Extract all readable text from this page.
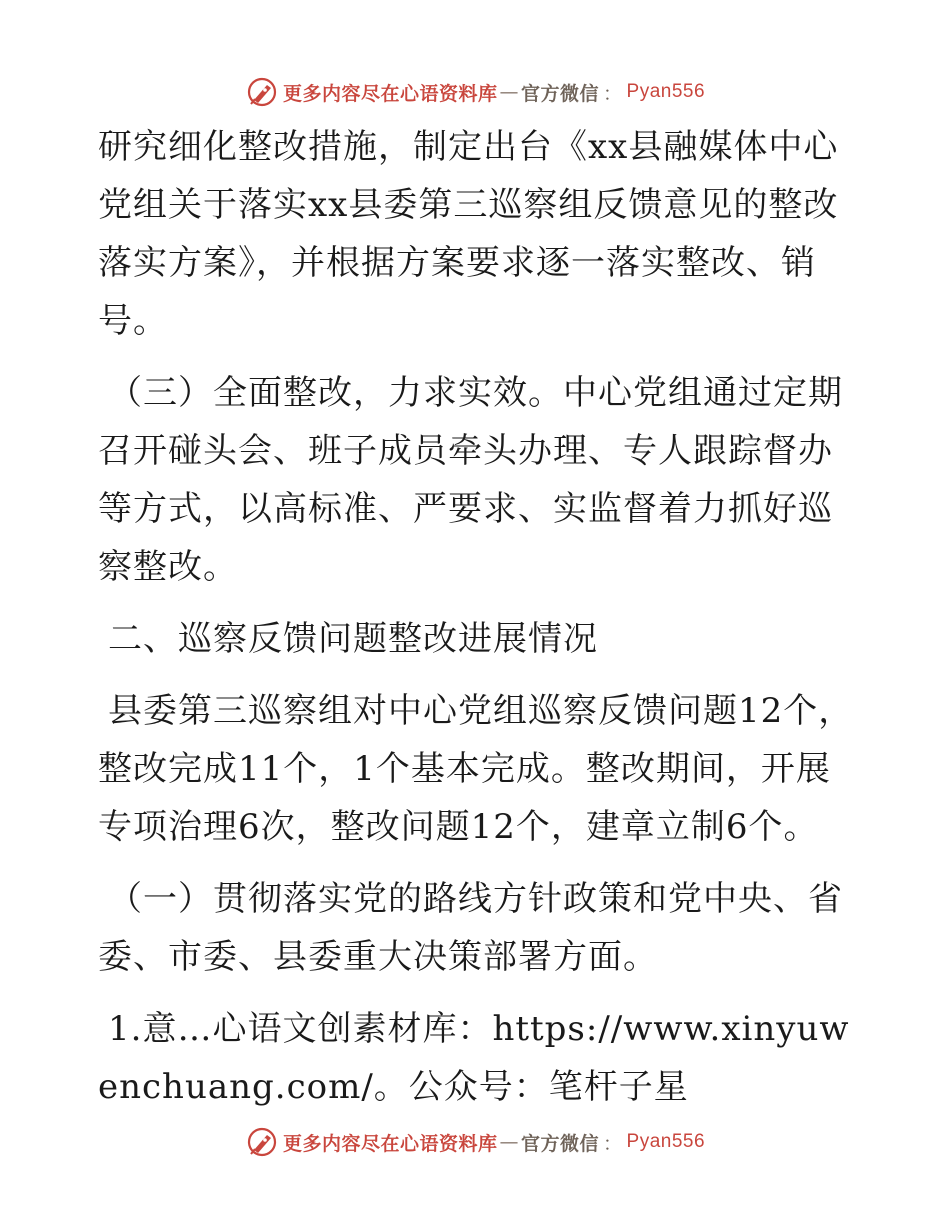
更多内容尽在心语资料库 — 官方微信 ： Pyan556

研究细化整改措施，制定出台《xx县融媒体中心党组关于落实xx县委第三巡察组反馈意见的整改落实方案》，并根据方案要求逐一落实整改、销号。

（三）全面整改，力求实效。中心党组通过定期召开碰头会、班子成员牵头办理、专人跟踪督办等方式，以高标准、严要求、实监督着力抓好巡察整改。

二、巡察反馈问题整改进展情况

县委第三巡察组对中心党组巡察反馈问题12个，整改完成11个，1个基本完成。整改期间，开展专项治理6次，整改问题12个，建章立制6个。

（一）贯彻落实党的路线方针政策和党中央、省委、市委、县委重大决策部署方面。

1.意…心语文创素材库：https://www.xinyuwenchuang.com/。公众号：笔杆子星

更多内容尽在心语资料库 — 官方微信 ： Pyan556
